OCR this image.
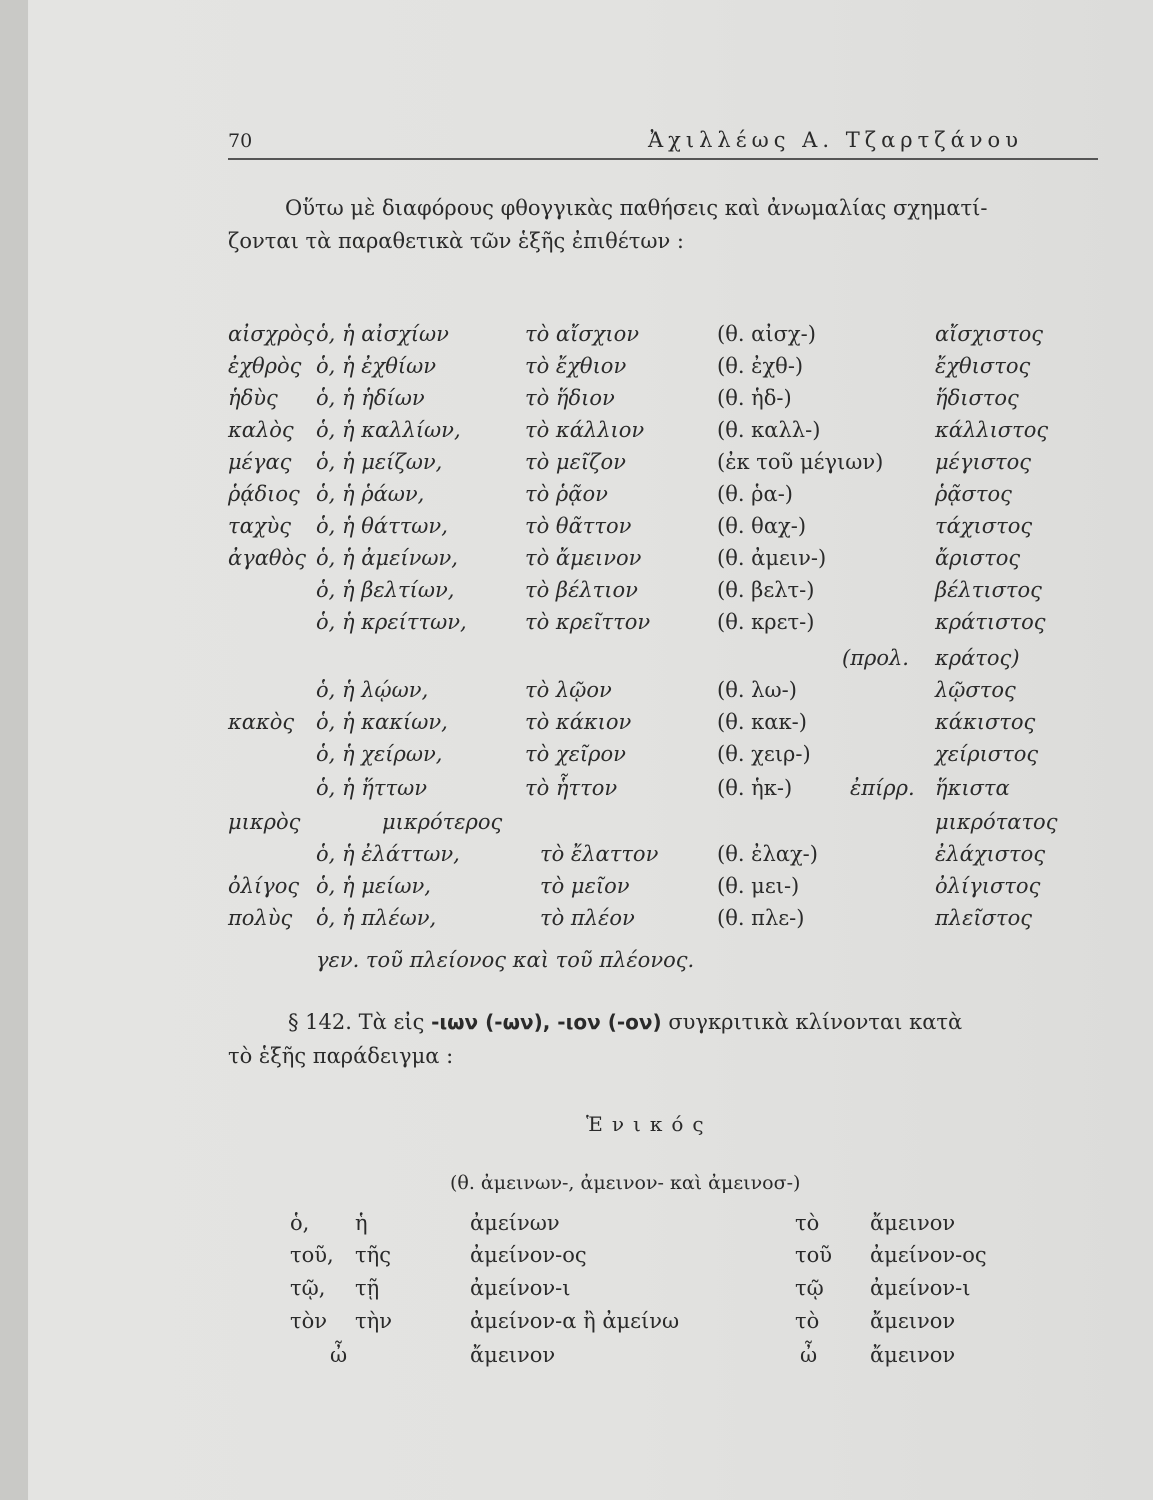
70	Ἀχιλλέως Α. Τζαρτζάνου
Οὕτω μὲ διαφόρους φθογγικὰς παθήσεις καὶ ἀνωμαλίας σχηματί-
ζονται τὰ παραθετικὰ τῶν ἑξῆς ἐπιθέτων :
αἰσχρὸς ὁ, ἡ αἰσχίων	τὸ αἴσχιον	(θ. αἰσχ-)	αἴσχιστος
ἐχθρὸς ὁ, ἡ ἐχθίων	τὸ ἔχθιον	(θ. ἐχθ-)	ἔχθιστος
ἡδὺς ὁ, ἡ ἡδίων	τὸ ἥδιον	(θ. ἡδ-)	ἥδιστος
καλὸς ὁ, ἡ καλλίων,	τὸ κάλλιον	(θ. καλλ-)	κάλλιστος
μέγας ὁ, ἡ μείζων,	τὸ μεῖζον	(ἐκ τοῦ μέγιων) μέγιστος
ῥᾴδιος ὁ, ἡ ῥάων,	τὸ ῥᾷον	(θ. ῥα-)	ῥᾷστος
ταχὺς ὁ, ἡ θάττων,	τὸ θᾶττον	(θ. θαχ-)	τάχιστος
ἀγαθὸς ὁ, ἡ ἀμείνων,	τὸ ἄμεινον	(θ. ἀμειν-)	ἄριστος
ὁ, ἡ βελτίων,	τὸ βέλτιον	(θ. βελτ-)	βέλτιστος
ὁ, ἡ κρείττων,	τὸ κρεῖττον	(θ. κρετ-)	κράτιστος
(προλ. κράτος)
ὁ, ἡ λῴων,	τὸ λῷον	(θ. λω-)	λῷστος
κακὸς ὁ, ἡ κακίων,	τὸ κάκιον	(θ. κακ-)	κάκιστος
ὁ, ἡ χείρων,	τὸ χεῖρον	(θ. χειρ-)	χείριστος
ὁ, ἡ ἥττων	τὸ ἧττον	(θ. ἡκ-)	ἐπίρρ. ἥκιστα
μικρὸς	μικρότερος	μικρότατος
ὁ, ἡ ἐλάττων,	τὸ ἔλαττον	(θ. ἐλαχ-)	ἐλάχιστος
ὀλίγος ὁ, ἡ μείων,	τὸ μεῖον	(θ. μει-)	ὀλίγιστος
πολὺς ὁ, ἡ πλέων,	τὸ πλέον	(θ. πλε-)	πλεῖστος
γεν. τοῦ πλείονος καὶ τοῦ πλέονος.
§ 142. Τὰ εἰς -ιων (-ων), -ιον (-ον) συγκριτικὰ κλίνονται κατὰ
τὸ ἑξῆς παράδειγμα :
Ἑνικός
(θ. ἀμεινων-, ἀμεινον- καὶ ἀμεινοσ-)
ὁ, ἡ	ἀμείνων	τὸ ἄμεινον
τοῦ, τῆς	ἀμείνον-ος	τοῦ ἀμείνον-ος
τῷ, τῇ	ἀμείνον-ι	τῷ ἀμείνον-ι
τὸν τὴν	ἀμείνον-α ἢ ἀμείνω	τὸ ἄμεινον
ὦ	ἄμεινον	ὦ	ἄμεινον
